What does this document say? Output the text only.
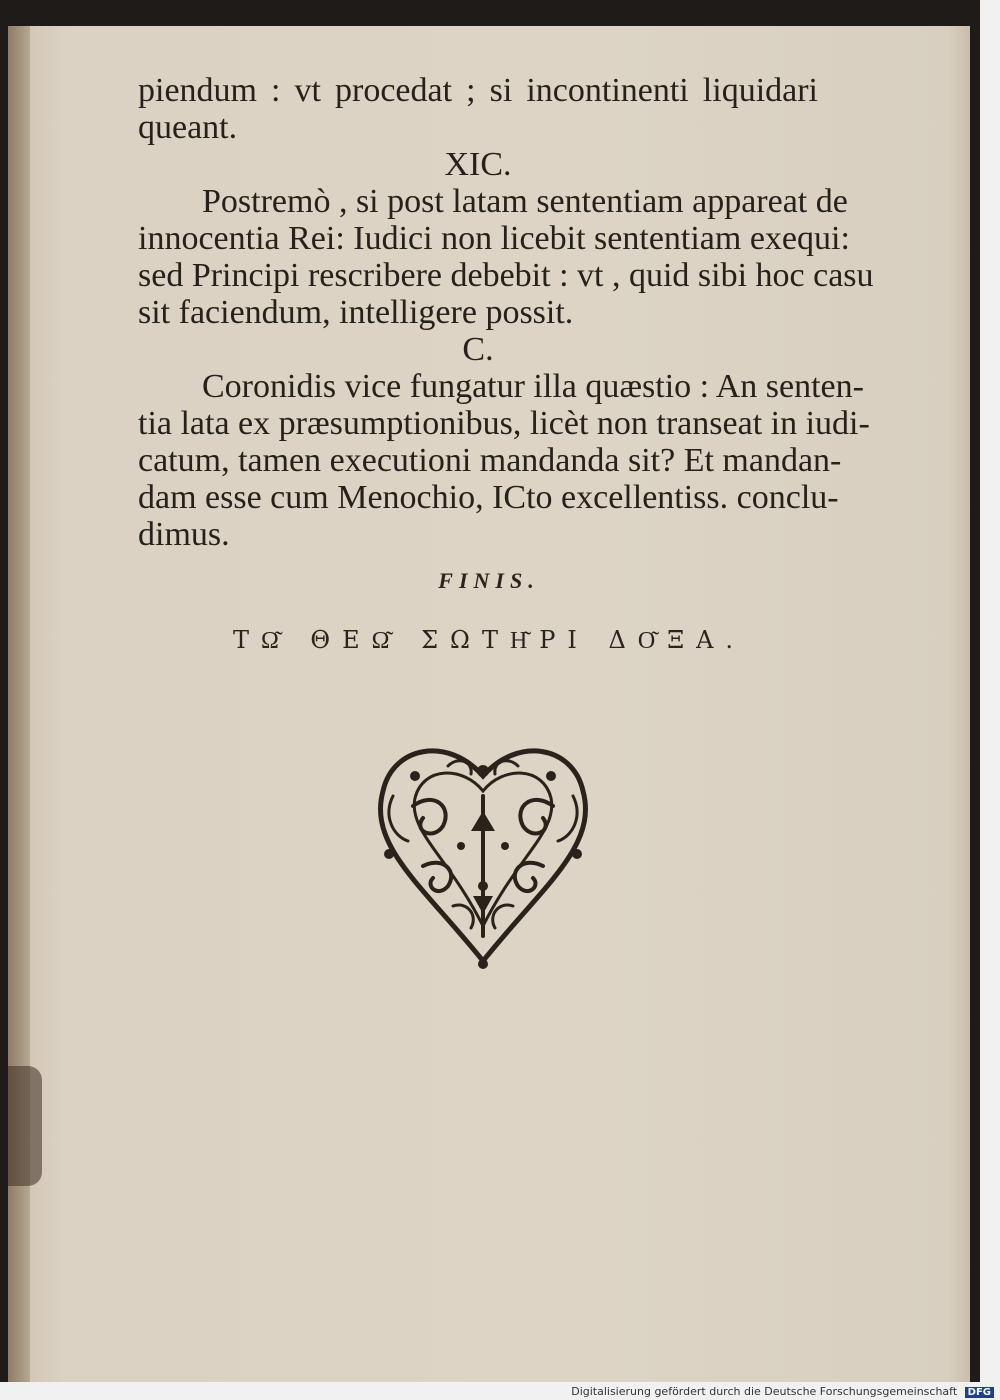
piendum : vt procedat ; si incontinenti liquidari
queant.
XIC.
Postremò , si post latam sententiam appareat de
innocentia Rei: Iudici non licebit sententiam exequi:
sed Principi rescribere debebit : vt , quid sibi hoc casu
sit faciendum, intelligere possit.
C.
Coronidis vice fungatur illa quæstio : An senten-
tia lata ex præsumptionibus, licèt non transeat in iudi-
catum, tamen executioni mandanda sit? Et mandan-
dam esse cum Menochio, ICto excellentiss. conclu-
dimus.
FINIS.
ΤΩ͂ ΘΕΩ͂ ΣΩΤΗ͂ΡΙ ΔΟ͂ΞΑ.
Digitalisierung gefördert durch die Deutsche Forschungsgemeinschaft DFG
